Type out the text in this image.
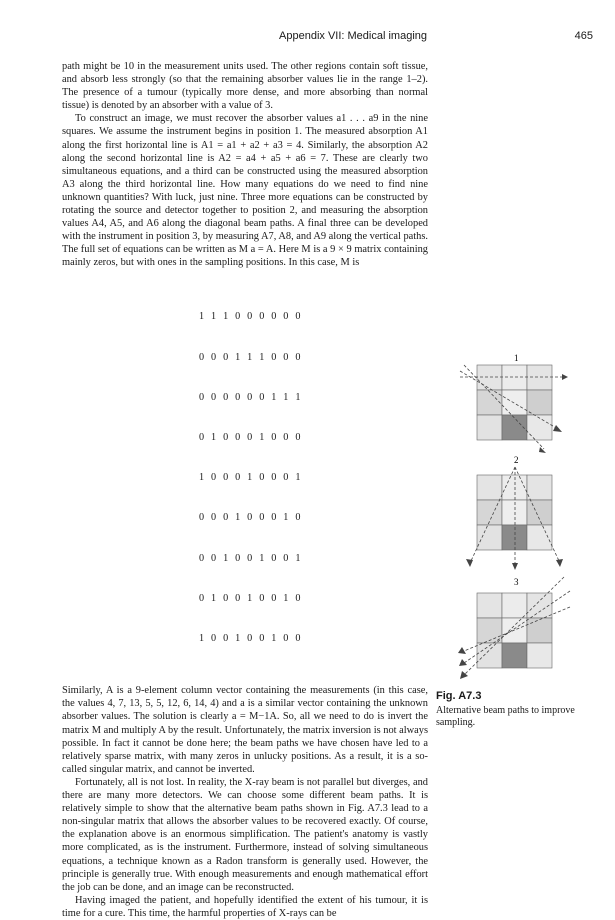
Appendix VII: Medical imaging	465

path might be 10 in the measurement units used. The other regions contain soft tissue, and absorb less strongly (so that the remaining absorber values lie in the range 1–2). The presence of a tumour (typically more dense, and more absorbing than normal tissue) is denoted by an absorber with a value of 3.

To construct an image, we must recover the absorber values a1 . . . a9 in the nine squares. We assume the instrument begins in position 1. The measured absorption A1 along the first horizontal line is A1 = a1 + a2 + a3 = 4. Similarly, the absorption A2 along the second horizontal line is A2 = a4 + a5 + a6 = 7. These are clearly two simultaneous equations, and a third can be constructed using the measured absorption A3 along the third horizontal line. How many equations do we need to find nine unknown quantities? With luck, just nine. Three more equations can be constructed by rotating the source and detector together to position 2, and measuring the absorption values A4, A5, and A6 along the diagonal beam paths. A final three can be developed with the instrument in position 3, by measuring A7, A8, and A9 along the vertical paths. The full set of equations can be written as M a = A. Here M is a 9 × 9 matrix containing mainly zeros, but with ones in the sampling positions. In this case, M is

1 1 1 0 0 0 0 0 0

0 0 0 1 1 1 0 0 0

0 0 0 0 0 0 1 1 1

0 1 0 0 0 1 0 0 0

1 0 0 0 1 0 0 0 1

0 0 0 1 0 0 0 1 0

0 0 1 0 0 1 0 0 1

0 1 0 0 1 0 0 1 0

1 0 0 1 0 0 1 0 0

Similarly, A is a 9-element column vector containing the measurements (in this case, the values 4, 7, 13, 5, 5, 12, 6, 14, 4) and a is a similar vector containing the unknown absorber values. The solution is clearly a = M−1A. So, all we need to do is invert the matrix M and multiply A by the result. Unfortunately, the matrix inversion is not always possible. In fact it cannot be done here; the beam paths we have chosen have led to a relatively sparse matrix, with many zeros in unlucky positions. As a result, it is a so-called singular matrix, and cannot be inverted.

Fortunately, all is not lost. In reality, the X-ray beam is not parallel but diverges, and there are many more detectors. We can choose some different beam paths. It is relatively simple to show that the alternative beam paths shown in Fig. A7.3 lead to a non-singular matrix that allows the absorber values to be recovered exactly. Of course, the explanation above is an enormous simplification. The patient's anatomy is vastly more complicated, as is the instrument. Furthermore, instead of solving simultaneous equations, a technique known as a Radon transform is generally used. However, the principle is generally true. With enough measurements and enough mathematical effort the job can be done, and an image can be reconstructed.

Having imaged the patient, and hopefully identified the extent of his tumour, it is time for a cure. This time, the harmful properties of X-rays can be

1
2
3
Fig. A7.3
Alternative beam paths to improve sampling.
